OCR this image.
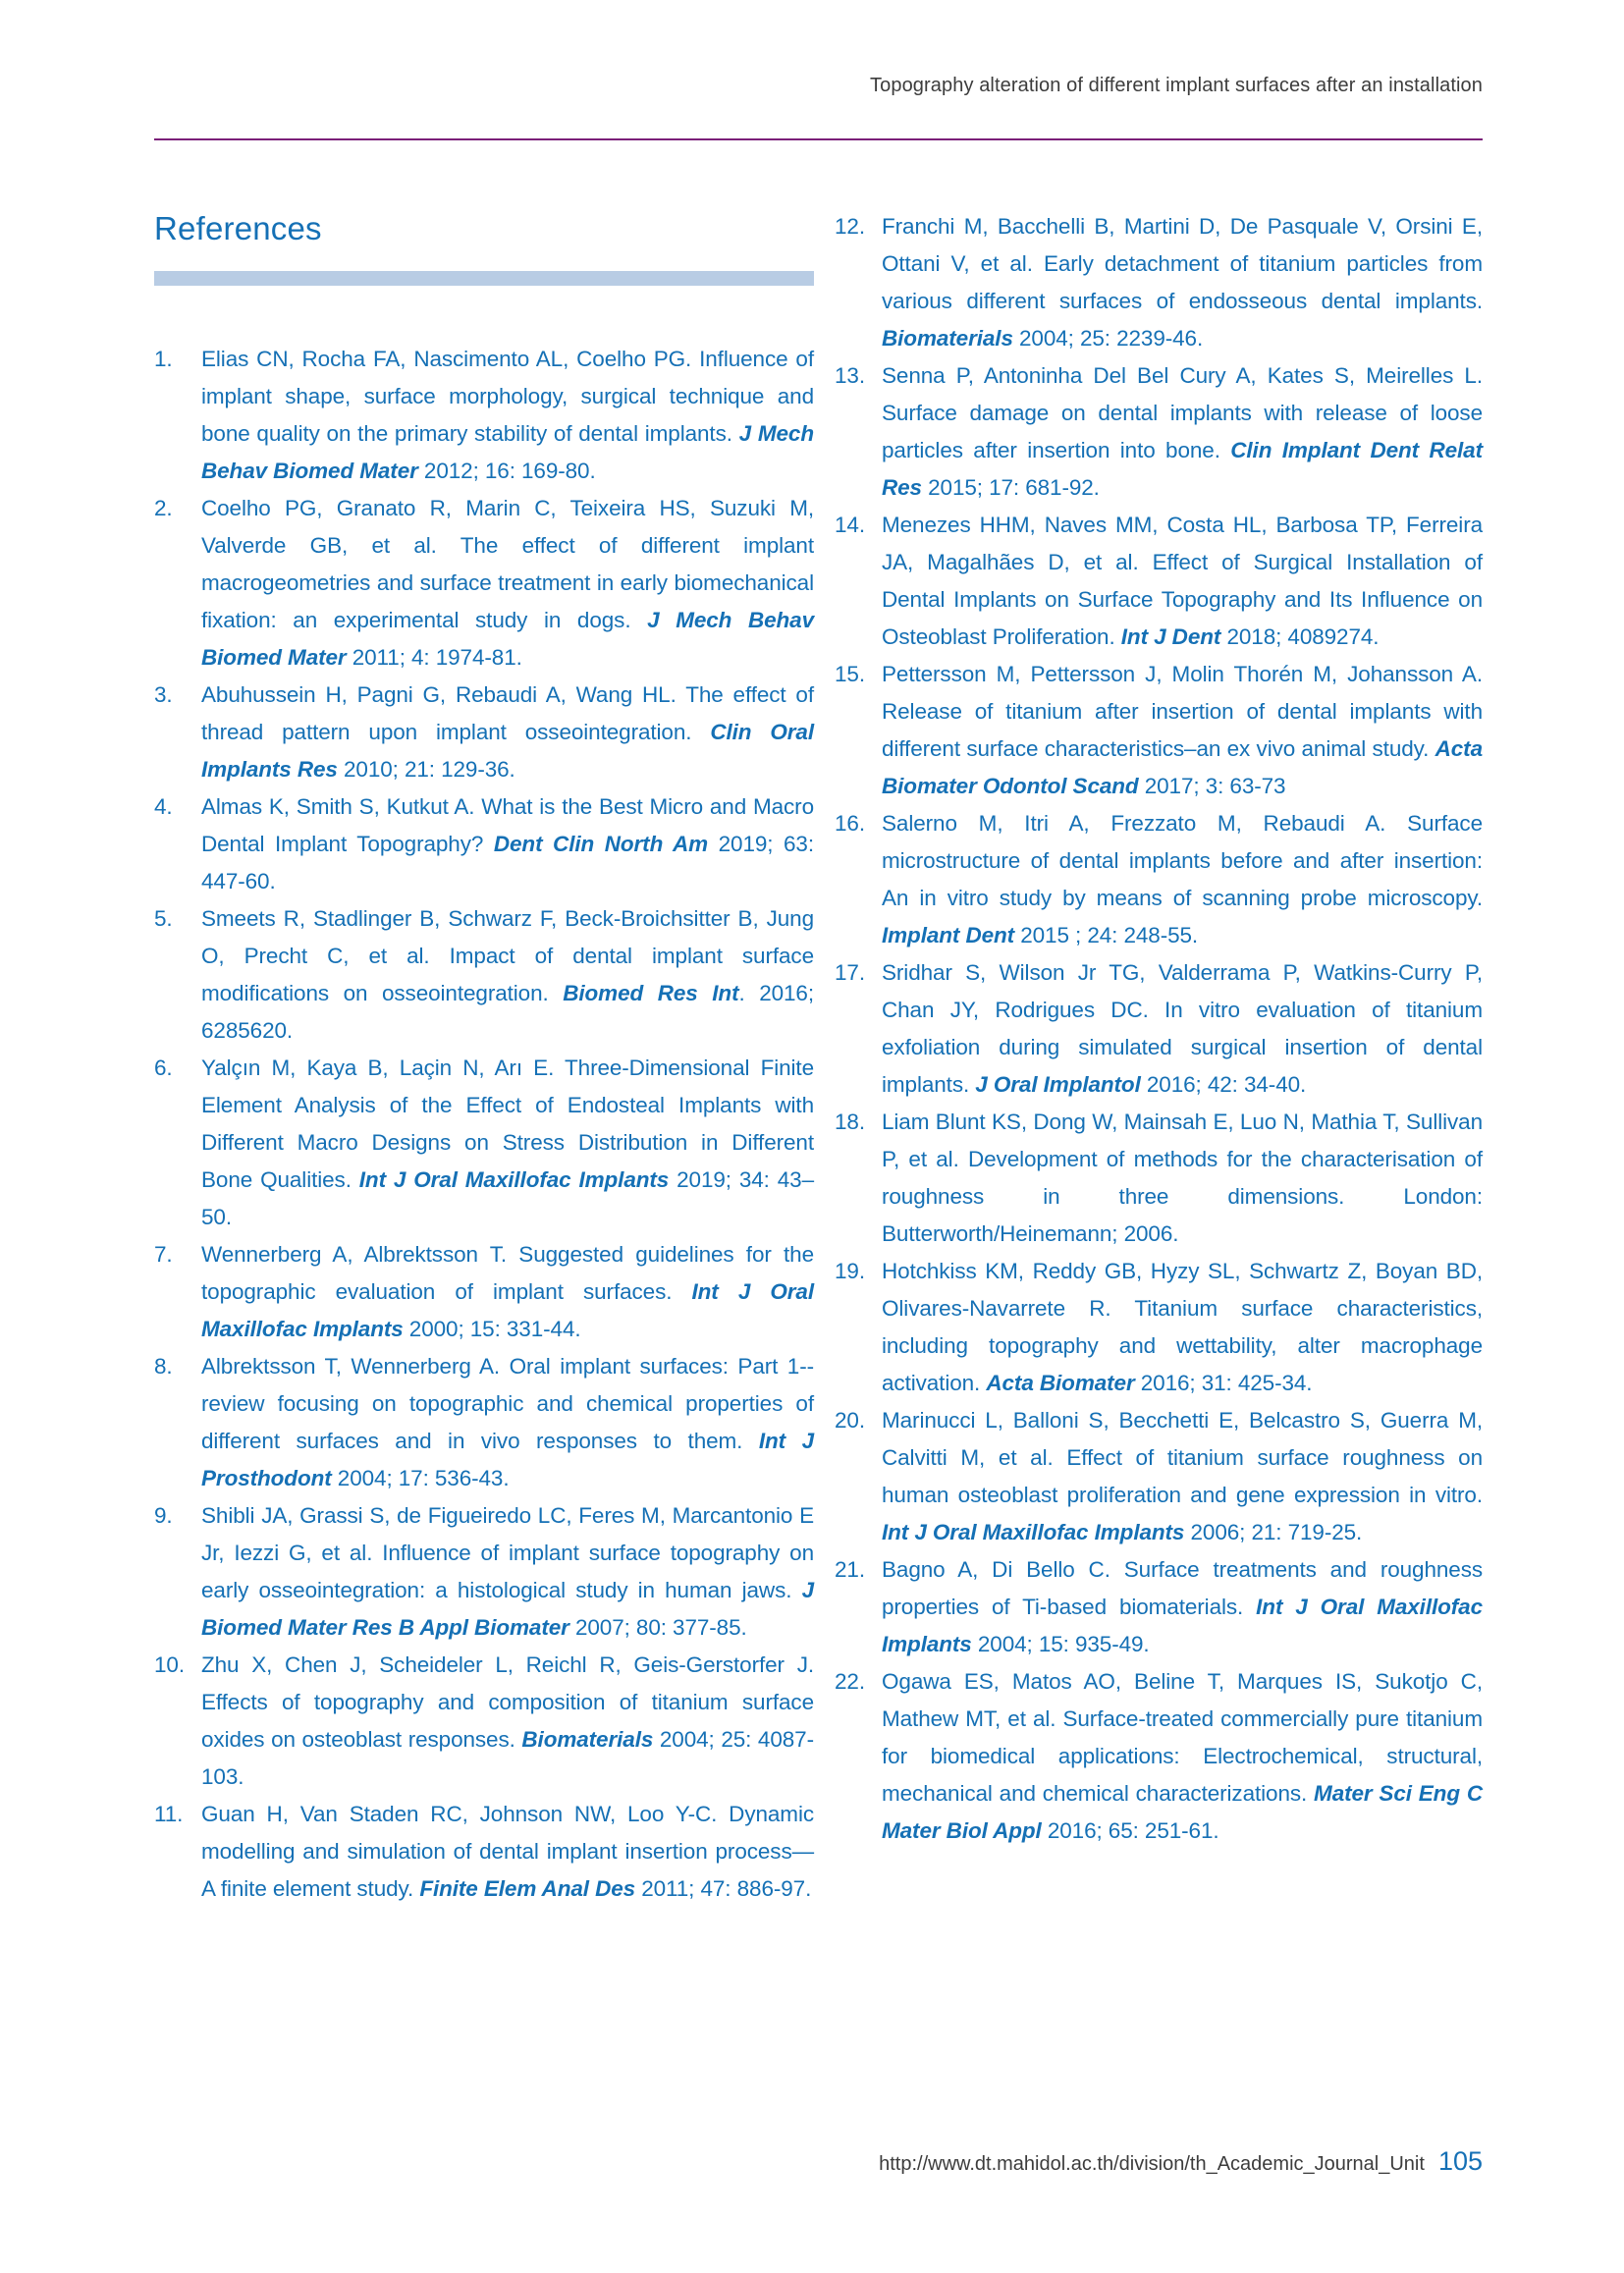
Topography alteration of different implant surfaces after an installation
References
1. Elias CN, Rocha FA, Nascimento AL, Coelho PG. Influence of implant shape, surface morphology, surgical technique and bone quality on the primary stability of dental implants. J Mech Behav Biomed Mater 2012; 16: 169-80.
2. Coelho PG, Granato R, Marin C, Teixeira HS, Suzuki M, Valverde GB, et al. The effect of different implant macrogeometries and surface treatment in early biomechanical fixation: an experimental study in dogs. J Mech Behav Biomed Mater 2011; 4: 1974-81.
3. Abuhussein H, Pagni G, Rebaudi A, Wang HL. The effect of thread pattern upon implant osseointegration. Clin Oral Implants Res 2010; 21: 129-36.
4. Almas K, Smith S, Kutkut A. What is the Best Micro and Macro Dental Implant Topography? Dent Clin North Am 2019; 63: 447-60.
5. Smeets R, Stadlinger B, Schwarz F, Beck-Broichsitter B, Jung O, Precht C, et al. Impact of dental implant surface modifications on osseointegration. Biomed Res Int. 2016; 6285620.
6. Yalçın M, Kaya B, Laçin N, Arı E. Three-Dimensional Finite Element Analysis of the Effect of Endosteal Implants with Different Macro Designs on Stress Distribution in Different Bone Qualities. Int J Oral Maxillofac Implants 2019; 34: 43–50.
7. Wennerberg A, Albrektsson T. Suggested guidelines for the topographic evaluation of implant surfaces. Int J Oral Maxillofac Implants 2000; 15: 331-44.
8. Albrektsson T, Wennerberg A. Oral implant surfaces: Part 1--review focusing on topographic and chemical properties of different surfaces and in vivo responses to them. Int J Prosthodont 2004; 17: 536-43.
9. Shibli JA, Grassi S, de Figueiredo LC, Feres M, Marcantonio E Jr, Iezzi G, et al. Influence of implant surface topography on early osseointegration: a histological study in human jaws. J Biomed Mater Res B Appl Biomater 2007; 80: 377-85.
10. Zhu X, Chen J, Scheideler L, Reichl R, Geis-Gerstorfer J. Effects of topography and composition of titanium surface oxides on osteoblast responses. Biomaterials 2004; 25: 4087-103.
11. Guan H, Van Staden RC, Johnson NW, Loo Y-C. Dynamic modelling and simulation of dental implant insertion process—A finite element study. Finite Elem Anal Des 2011; 47: 886-97.
12. Franchi M, Bacchelli B, Martini D, De Pasquale V, Orsini E, Ottani V, et al. Early detachment of titanium particles from various different surfaces of endosseous dental implants. Biomaterials 2004; 25: 2239-46.
13. Senna P, Antoninha Del Bel Cury A, Kates S, Meirelles L. Surface damage on dental implants with release of loose particles after insertion into bone. Clin Implant Dent Relat Res 2015; 17: 681-92.
14. Menezes HHM, Naves MM, Costa HL, Barbosa TP, Ferreira JA, Magalhães D, et al. Effect of Surgical Installation of Dental Implants on Surface Topography and Its Influence on Osteoblast Proliferation. Int J Dent 2018; 4089274.
15. Pettersson M, Pettersson J, Molin Thorén M, Johansson A. Release of titanium after insertion of dental implants with different surface characteristics–an ex vivo animal study. Acta Biomater Odontol Scand 2017; 3: 63-73
16. Salerno M, Itri A, Frezzato M, Rebaudi A. Surface microstructure of dental implants before and after insertion: An in vitro study by means of scanning probe microscopy. Implant Dent 2015 ; 24: 248-55.
17. Sridhar S, Wilson Jr TG, Valderrama P, Watkins-Curry P, Chan JY, Rodrigues DC. In vitro evaluation of titanium exfoliation during simulated surgical insertion of dental implants. J Oral Implantol 2016; 42: 34-40.
18. Liam Blunt KS, Dong W, Mainsah E, Luo N, Mathia T, Sullivan P, et al. Development of methods for the characterisation of roughness in three dimensions. London: Butterworth/Heinemann; 2006.
19. Hotchkiss KM, Reddy GB, Hyzy SL, Schwartz Z, Boyan BD, Olivares-Navarrete R. Titanium surface characteristics, including topography and wettability, alter macrophage activation. Acta Biomater 2016; 31: 425-34.
20. Marinucci L, Balloni S, Becchetti E, Belcastro S, Guerra M, Calvitti M, et al. Effect of titanium surface roughness on human osteoblast proliferation and gene expression in vitro. Int J Oral Maxillofac Implants 2006; 21: 719-25.
21. Bagno A, Di Bello C. Surface treatments and roughness properties of Ti-based biomaterials. Int J Oral Maxillofac Implants 2004; 15: 935-49.
22. Ogawa ES, Matos AO, Beline T, Marques IS, Sukotjo C, Mathew MT, et al. Surface-treated commercially pure titanium for biomedical applications: Electrochemical, structural, mechanical and chemical characterizations. Mater Sci Eng C Mater Biol Appl 2016; 65: 251-61.
http://www.dt.mahidol.ac.th/division/th_Academic_Journal_Unit 105
